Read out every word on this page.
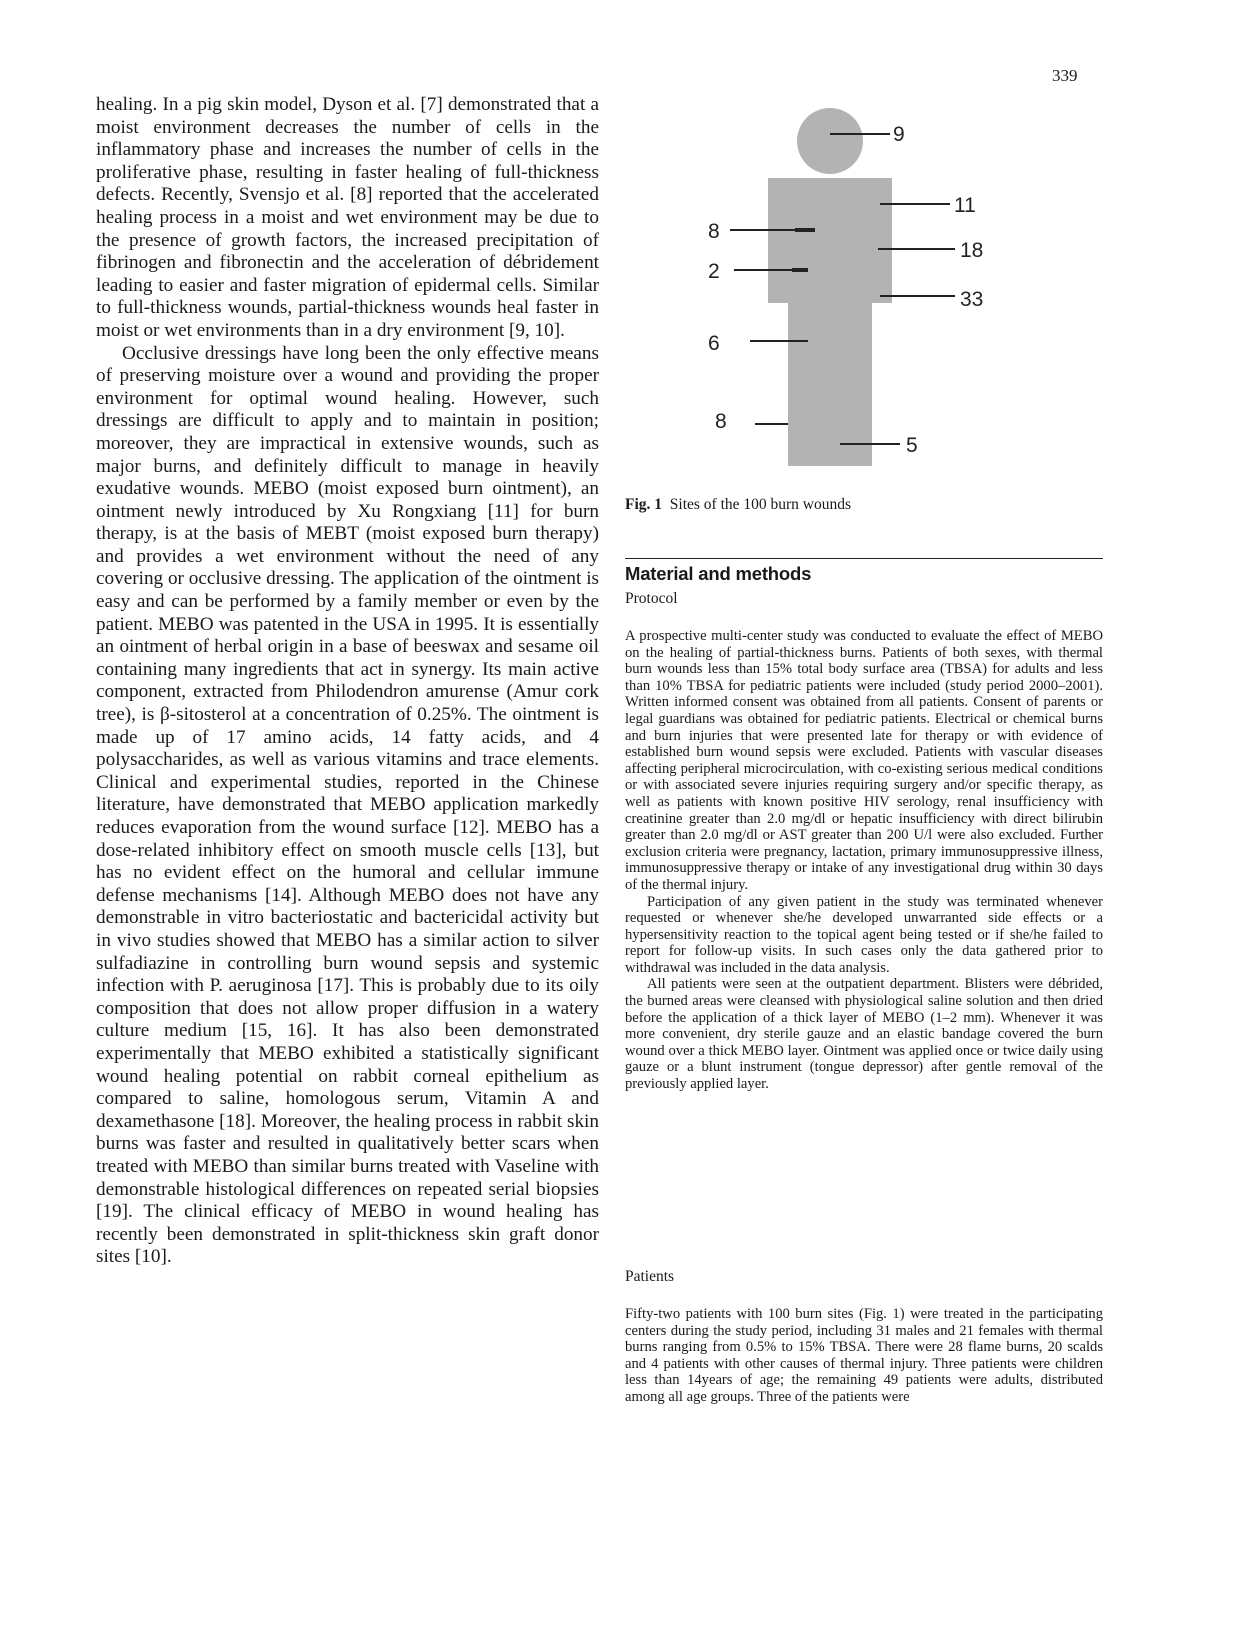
339

healing. In a pig skin model, Dyson et al. [7] demonstrated that a moist environment decreases the number of cells in the inflammatory phase and increases the number of cells in the proliferative phase, resulting in faster healing of full-thickness defects. Recently, Svensjo et al. [8] reported that the accelerated healing process in a moist and wet environment may be due to the presence of growth factors, the increased precipitation of fibrinogen and fibronectin and the acceleration of débridement leading to easier and faster migration of epidermal cells. Similar to full-thickness wounds, partial-thickness wounds heal faster in moist or wet environments than in a dry environment [9, 10].

Occlusive dressings have long been the only effective means of preserving moisture over a wound and providing the proper environment for optimal wound healing. However, such dressings are difficult to apply and to maintain in position; moreover, they are impractical in extensive wounds, such as major burns, and definitely difficult to manage in heavily exudative wounds. MEBO (moist exposed burn ointment), an ointment newly introduced by Xu Rongxiang [11] for burn therapy, is at the basis of MEBT (moist exposed burn therapy) and provides a wet environment without the need of any covering or occlusive dressing. The application of the ointment is easy and can be performed by a family member or even by the patient. MEBO was patented in the USA in 1995. It is essentially an ointment of herbal origin in a base of beeswax and sesame oil containing many ingredients that act in synergy. Its main active component, extracted from Philodendron amurense (Amur cork tree), is β-sitosterol at a concentration of 0.25%. The ointment is made up of 17 amino acids, 14 fatty acids, and 4 polysaccharides, as well as various vitamins and trace elements. Clinical and experimental studies, reported in the Chinese literature, have demonstrated that MEBO application markedly reduces evaporation from the wound surface [12]. MEBO has a dose-related inhibitory effect on smooth muscle cells [13], but has no evident effect on the humoral and cellular immune defense mechanisms [14]. Although MEBO does not have any demonstrable in vitro bacteriostatic and bactericidal activity but in vivo studies showed that MEBO has a similar action to silver sulfadiazine in controlling burn wound sepsis and systemic infection with P. aeruginosa [17]. This is probably due to its oily composition that does not allow proper diffusion in a watery culture medium [15, 16]. It has also been demonstrated experimentally that MEBO exhibited a statistically significant wound healing potential on rabbit corneal epithelium as compared to saline, homologous serum, Vitamin A and dexamethasone [18]. Moreover, the healing process in rabbit skin burns was faster and resulted in qualitatively better scars when treated with MEBO than similar burns treated with Vaseline with demonstrable histological differences on repeated serial biopsies [19]. The clinical efficacy of MEBO in wound healing has recently been demonstrated in split-thickness skin graft donor sites [10].

9
11
8
18
2
33
6
8
5
Fig. 1 Sites of the 100 burn wounds
Material and methods
Protocol

A prospective multi-center study was conducted to evaluate the effect of MEBO on the healing of partial-thickness burns. Patients of both sexes, with thermal burn wounds less than 15% total body surface area (TBSA) for adults and less than 10% TBSA for pediatric patients were included (study period 2000–2001). Written informed consent was obtained from all patients. Consent of parents or legal guardians was obtained for pediatric patients. Electrical or chemical burns and burn injuries that were presented late for therapy or with evidence of established burn wound sepsis were excluded. Patients with vascular diseases affecting peripheral microcirculation, with co-existing serious medical conditions or with associated severe injuries requiring surgery and/or specific therapy, as well as patients with known positive HIV serology, renal insufficiency with creatinine greater than 2.0 mg/dl or hepatic insufficiency with direct bilirubin greater than 2.0 mg/dl or AST greater than 200 U/l were also excluded. Further exclusion criteria were pregnancy, lactation, primary immunosuppressive illness, immunosuppressive therapy or intake of any investigational drug within 30 days of the thermal injury.

Participation of any given patient in the study was terminated whenever requested or whenever she/he developed unwarranted side effects or a hypersensitivity reaction to the topical agent being tested or if she/he failed to report for follow-up visits. In such cases only the data gathered prior to withdrawal was included in the data analysis.

All patients were seen at the outpatient department. Blisters were débrided, the burned areas were cleansed with physiological saline solution and then dried before the application of a thick layer of MEBO (1–2 mm). Whenever it was more convenient, dry sterile gauze and an elastic bandage covered the burn wound over a thick MEBO layer. Ointment was applied once or twice daily using gauze or a blunt instrument (tongue depressor) after gentle removal of the previously applied layer.

Patients

Fifty-two patients with 100 burn sites (Fig. 1) were treated in the participating centers during the study period, including 31 males and 21 females with thermal burns ranging from 0.5% to 15% TBSA. There were 28 flame burns, 20 scalds and 4 patients with other causes of thermal injury. Three patients were children less than 14years of age; the remaining 49 patients were adults, distributed among all age groups. Three of the patients were
